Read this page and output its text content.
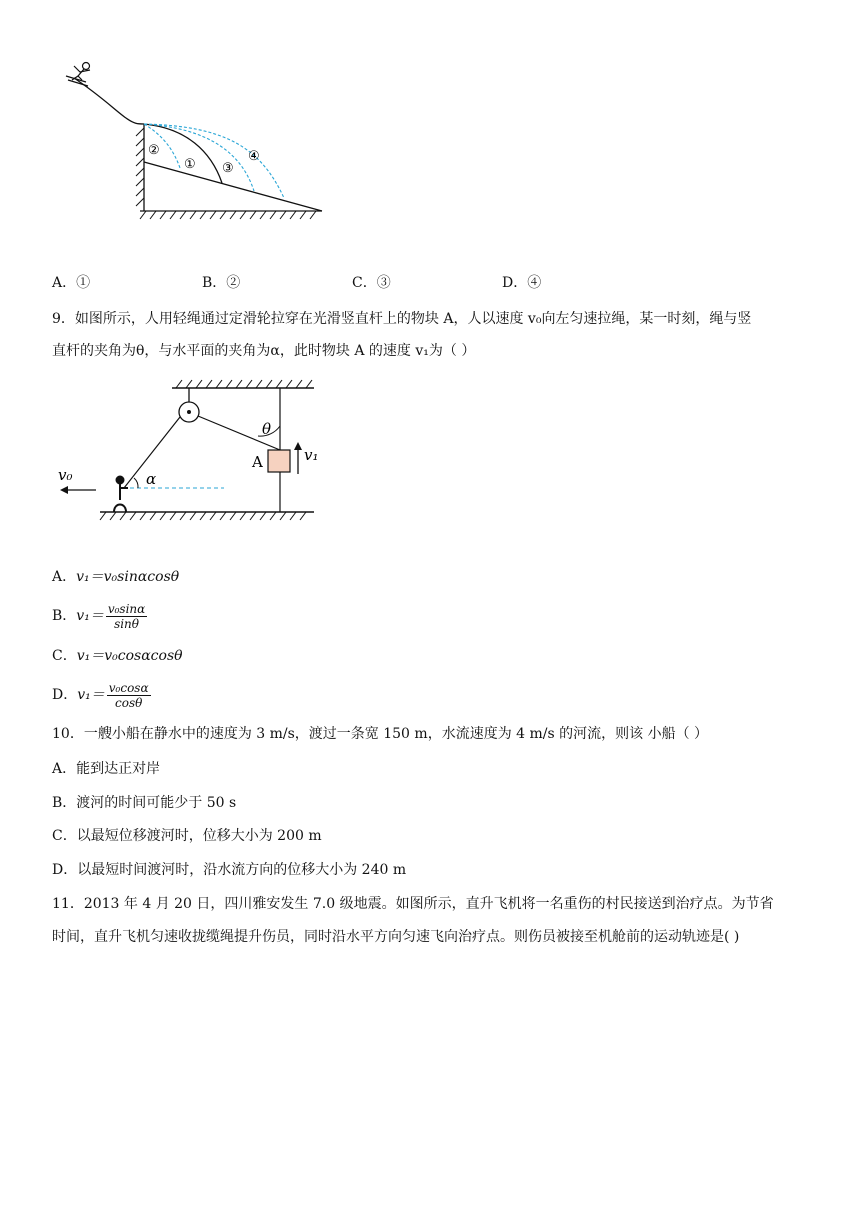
②
① ③
④
A．①	B．②	C．③	D．④
9．如图所示，人用轻绳通过定滑轮拉穿在光滑竖直杆上的物块 A，人以速度 v₀向左匀速拉绳，某一时刻，绳与竖
直杆的夹角为θ，与水平面的夹角为α，此时物块 A 的速度 v₁为（ ）
A	v₁
θ
α
v₀
A．v₁＝v₀sinαcosθ
B．$v_1= \frac{\text{v₀sinα}}{\sin\theta}$
C．v₁＝v₀cosαcosθ
D．$v_1= \frac{\text{v₀cosα}}{\cos\theta}$
10．一艘小船在静水中的速度为 3 m/s，渡过一条宽 150 m，水流速度为 4 m/s 的河流，则该 小船（ ）
A．能到达正对岸
B．渡河的时间可能少于 50 s
C．以最短位移渡河时，位移大小为 200 m
D．以最短时间渡河时，沿水流方向的位移大小为 240 m
11．2013 年 4 月 20 日，四川雅安发生 7.0 级地震。如图所示，直升飞机将一名重伤的村民接送到治疗点。为节省
时间，直升飞机匀速收拢缆绳提升伤员，同时沿水平方向匀速飞向治疗点。则伤员被接至机舱前的运动轨迹是( )
